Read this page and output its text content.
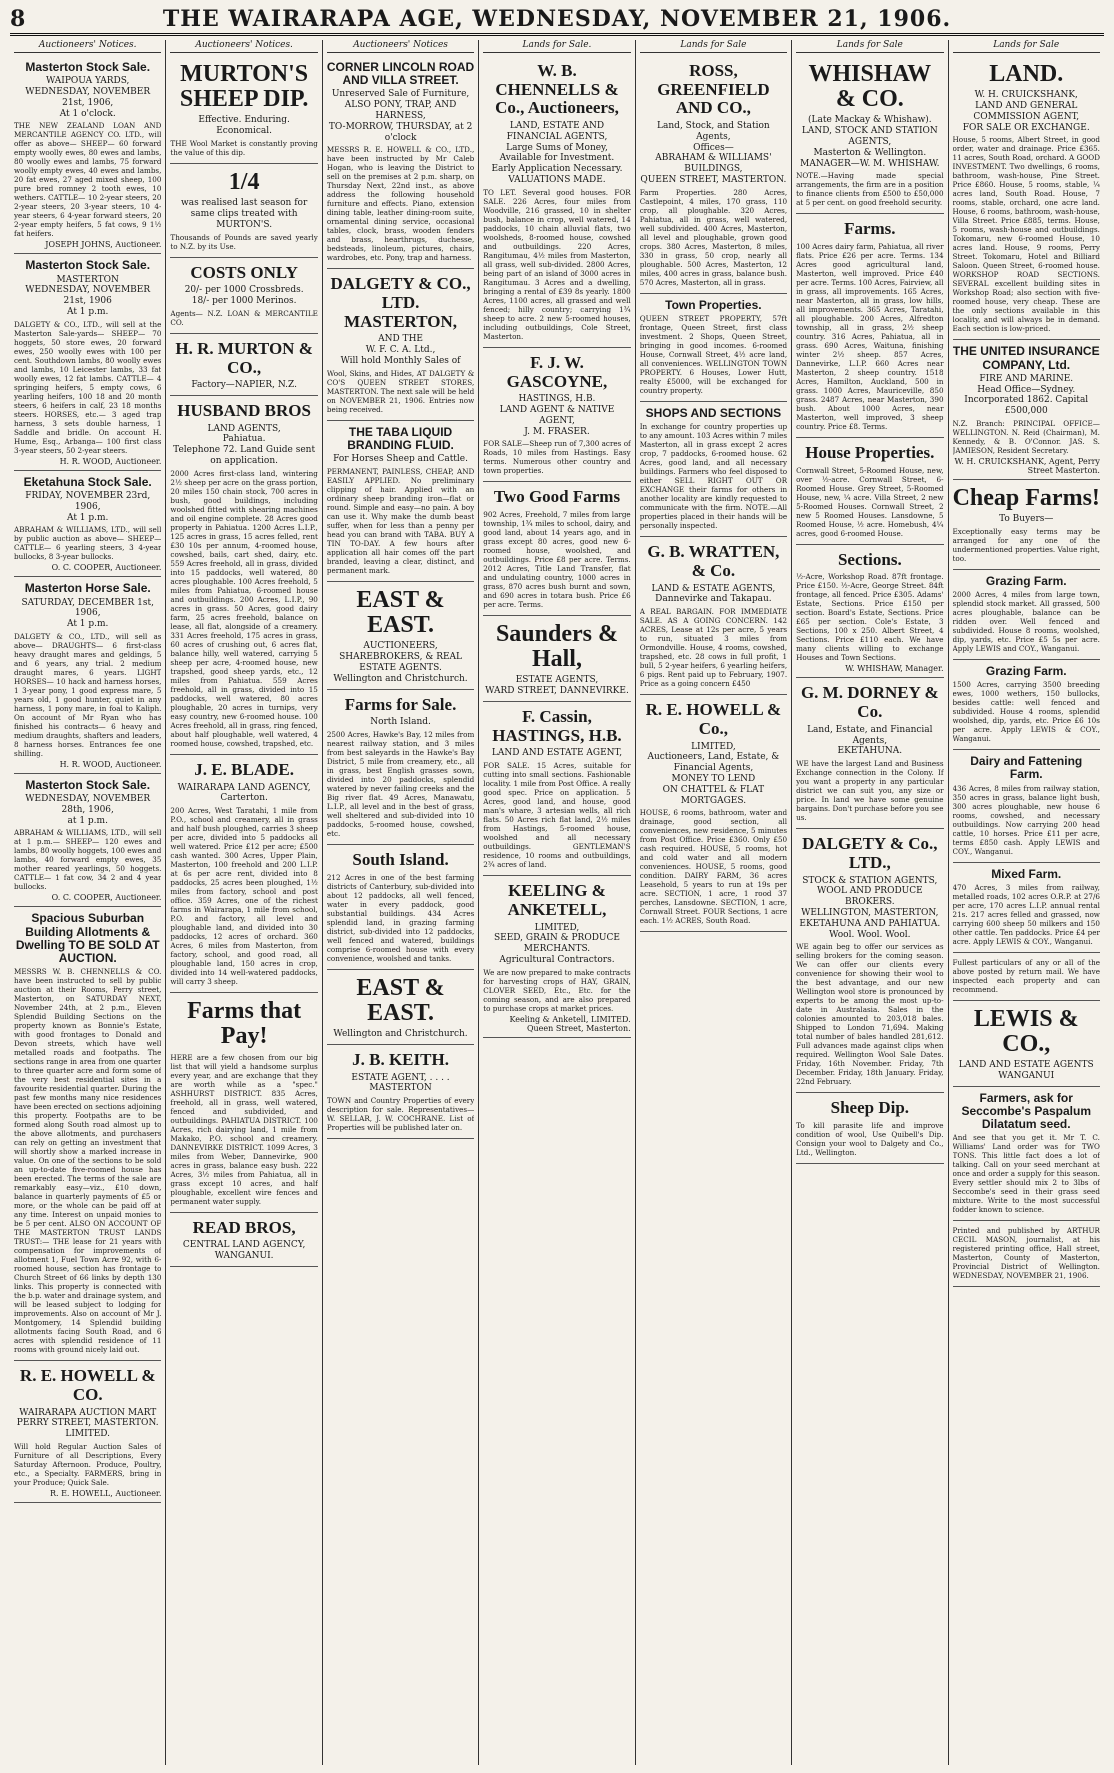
8	THE WAIRARAPA AGE, WEDNESDAY, NOVEMBER 21, 1906.
Auctioneers' Notices.
Masterton Stock Sale.
WAIPOUA YARDS,
WEDNESDAY, NOVEMBER 21st, 1906,
At 1 o'clock.

THE NEW ZEALAND LOAN AND MERCANTILE AGENCY CO. LTD., will offer as above— SHEEP— 60 forward empty woolly ewes, 80 ewes and lambs, 80 woolly ewes and lambs, 75 forward woolly empty ewes, 40 ewes and lambs, 20 fat ewes, 27 aged mixed sheep, 100 pure bred romney 2 tooth ewes, 10 wethers. CATTLE— 10 2-year steers, 20 2-year steers, 20 3-year steers, 10 4-year steers, 6 4-year forward steers, 20 2-year empty heifers, 5 fat cows, 9 1½ fat heifers.

JOSEPH JOHNS, Auctioneer.
Masterton Stock Sale.
MASTERTON
WEDNESDAY, NOVEMBER 21st, 1906
At 1 p.m.

DALGETY & CO., LTD., will sell at the Masterton Sale-yards— SHEEP— 70 hoggets, 50 store ewes, 20 forward ewes, 250 woolly ewes with 100 per cent. Southdown lambs, 80 woolly ewes and lambs, 10 Leicester lambs, 33 fat woolly ewes, 12 fat lambs. CATTLE— 4 springing heifers, 5 empty cows, 6 yearling heifers, 100 18 and 20 month steers, 6 heifers in calf, 23 18 months steers. HORSES, etc.— 3 aged trap harness, 3 sets double harness, 1 Saddle and bridle. On account H. Hume, Esq., Arbanga— 100 first class 3-year steers, 50 2-year steers.

H. R. WOOD, Auctioneer.
Eketahuna Stock Sale.
FRIDAY, NOVEMBER 23rd, 1906,
At 1 p.m.

ABRAHAM & WILLIAMS, LTD., will sell by public auction as above— SHEEP— CATTLE— 6 yearling steers, 3 4-year bullocks, 8 3-year bullocks.

O. C. COOPER, Auctioneer.
Masterton Horse Sale.
SATURDAY, DECEMBER 1st, 1906,
At 1 p.m.

DALGETY & CO., LTD., will sell as above— DRAUGHTS— 6 first-class heavy draught mares and geldings, 5 and 6 years, any trial. 2 medium draught mares, 6 years. LIGHT HORSES— 10 hack and harness horses, 1 3-year pony, 1 good express mare, 5 years old, 1 good hunter, quiet in any harness, 1 pony mare, in foal to Kaliph. On account of Mr Ryan who has finished his contracts— 6 heavy and medium draughts, shafters and leaders, 8 harness horses. Entrances fee one shilling.

H. R. WOOD, Auctioneer.
Masterton Stock Sale.
WEDNESDAY, NOVEMBER 28th, 1906,
at 1 p.m.

ABRAHAM & WILLIAMS, LTD., will sell at 1 p.m.— SHEEP— 120 ewes and lambs, 80 woolly hoggets, 100 ewes and lambs, 40 forward empty ewes, 35 mother reared yearlings, 50 hoggets. CATTLE— 1 fat cow, 34 2 and 4 year bullocks.

O. C. COOPER, Auctioneer.
Spacious Suburban Building Allotments & Dwelling TO BE SOLD AT AUCTION.

MESSRS W. B. CHENNELLS & CO. have been instructed to sell by public auction at their Rooms, Perry street, Masterton, on SATURDAY NEXT, November 24th, at 2 p.m., Eleven Splendid Building Sections on the property known as Bonnie's Estate, with good frontages to Donald and Devon streets, which have well metalled roads and footpaths. The sections range in area from one quarter to three quarter acre and form some of the very best residential sites in a favourite residential quarter. During the past few months many nice residences have been erected on sections adjoining this property. Footpaths are to be formed along South road almost up to the above allotments, and purchasers can rely on getting an investment that will shortly show a marked increase in value. On one of the sections to be sold an up-to-date five-roomed house has been erected. The terms of the sale are remarkably easy—viz., £10 down, balance in quarterly payments of £5 or more, or the whole can be paid off at any time. Interest on unpaid monies to be 5 per cent. ALSO ON ACCOUNT OF THE MASTERTON TRUST LANDS TRUST:— THE lease for 21 years with compensation for improvements of allotment 1, Fuel Town Acre 92, with 6-roomed house, section has frontage to Church Street of 66 links by depth 130 links. This property is connected with the b.p. water and drainage system, and will be leased subject to lodging for improvements. Also on account of Mr J. Montgomery, 14 Splendid building allotments facing South Road, and 6 acres with splendid residence of 11 rooms with ground nicely laid out.

R. E. HOWELL & CO.
WAIRARAPA AUCTION MART
PERRY STREET, MASTERTON.
LIMITED.

Will hold Regular Auction Sales of Furniture of all Descriptions, Every Saturday Afternoon. Produce, Poultry, etc., a Specialty. FARMERS, bring in your Produce; Quick Sale.

R. E. HOWELL, Auctioneer.
Auctioneers' Notices.
MURTON'S SHEEP DIP.
Effective. Enduring. Economical.

THE Wool Market is constantly proving the value of this dip.

1/4
was realised last season for same clips treated with MURTON'S.

Thousands of Pounds are saved yearly to N.Z. by its Use.

COSTS ONLY
20/- per 1000 Crossbreds.
18/- per 1000 Merinos.

Agents— N.Z. LOAN & MERCANTILE CO.

H. R. MURTON & CO.,
Factory—NAPIER, N.Z.
HUSBAND BROS
LAND AGENTS,
Pahiatua.
Telephone 72. Land Guide sent on application.

2000 Acres first-class land, wintering 2½ sheep per acre on the grass portion, 20 miles 150 chain stock, 700 acres in bush, good buildings, including woolshed fitted with shearing machines and oil engine complete. 28 Acres good property in Pahiatua. 1200 Acres L.I.P., 125 acres in grass, 15 acres felled, rent £30 10s per annum, 4-roomed house, cowshed, bails, cart shed, dairy, etc. 559 Acres freehold, all in grass, divided into 15 paddocks, well watered, 80 acres ploughable. 100 Acres freehold, 5 miles from Pahiatua, 6-roomed house and outbuildings. 200 Acres, L.I.P., 90 acres in grass. 50 Acres, good dairy farm, 25 acres freehold, balance on lease, all flat, alongside of a creamery. 331 Acres freehold, 175 acres in grass, 60 acres of crushing out, 6 acres flat, balance hilly, well watered, carrying 5 sheep per acre, 4-roomed house, new trapshed, good sheep yards, etc., 12 miles from Pahiatua. 559 Acres freehold, all in grass, divided into 15 paddocks, well watered, 80 acres ploughable, 20 acres in turnips, very easy country, new 6-roomed house. 100 Acres freehold, all in grass, ring fenced, about half ploughable, well watered, 4 roomed house, cowshed, trapshed, etc.

J. E. BLADE.
WAIRARAPA LAND AGENCY,
Carterton.

200 Acres, West Taratahi, 1 mile from P.O., school and creamery, all in grass and half bush ploughed, carries 3 sheep per acre, divided into 5 paddocks all well watered. Price £12 per acre; £500 cash wanted. 300 Acres, Upper Plain, Masterton, 100 freehold and 200 L.I.P. at 6s per acre rent, divided into 8 paddocks, 25 acres been ploughed, 1½ miles from factory, school and post office. 359 Acres, one of the richest farms in Wairarapa, 1 mile from school, P.O. and factory, all level and ploughable land, and divided into 30 paddocks, 12 acres of orchard. 360 Acres, 6 miles from Masterton, from factory, school, and good road, all ploughable land, 150 acres in crop, divided into 14 well-watered paddocks, will carry 3 sheep.

Farms that Pay!

HERE are a few chosen from our big list that will yield a handsome surplus every year, and are exchange that they are worth while as a "spec." ASHHURST DISTRICT. 835 Acres, freehold, all in grass, well watered, fenced and subdivided, and outbuildings. PAHIATUA DISTRICT. 100 Acres, rich dairying land, 1 mile from Makako, P.O. school and creamery. DANNEVIRKE DISTRICT. 1099 Acres, 3 miles from Weber, Dannevirke, 900 acres in grass, balance easy bush. 222 Acres, 3½ miles from Pahiatua, all in grass except 10 acres, and half ploughable, excellent wire fences and permanent water supply.

READ BROS,
CENTRAL LAND AGENCY,
WANGANUI.
Auctioneers' Notices
CORNER LINCOLN ROAD AND VILLA STREET.
Unreserved Sale of Furniture,
ALSO PONY, TRAP, AND HARNESS,
TO-MORROW, THURSDAY, at 2 o'clock

MESSRS R. E. HOWELL & CO., LTD., have been instructed by Mr Caleb Hogan, who is leaving the District to sell on the premises at 2 p.m. sharp, on Thursday Next, 22nd inst., as above address the following household furniture and effects. Piano, extension dining table, leather dining-room suite, ornamental dining service, occasional tables, clock, brass, wooden fenders and brass, hearthrugs, duchesse, bedsteads, linoleum, pictures, chairs, wardrobes, etc. Pony, trap and harness.

DALGETY & CO., LTD. MASTERTON,
AND THE
W. F. C. A. Ltd.,
Will hold Monthly Sales of

Wool, Skins, and Hides, AT DALGETY & CO'S QUEEN STREET STORES, MASTERTON. The next sale will be held on NOVEMBER 21, 1906. Entries now being received.

THE TABA LIQUID BRANDING FLUID.
For Horses Sheep and Cattle.

PERMANENT, PAINLESS, CHEAP, AND EASILY APPLIED. No preliminary clipping of hair. Applied with an ordinary sheep branding iron—flat or round. Simple and easy—no pain. A boy can use it. Why make the dumb beast suffer, when for less than a penny per head you can brand with TABA. BUY A TIN TO-DAY. A few hours after application all hair comes off the part branded, leaving a clear, distinct, and permanent mark.

EAST & EAST.
AUCTIONEERS, SHAREBROKERS, & REAL ESTATE AGENTS.
Wellington and Christchurch.
Farms for Sale.
North Island.

2500 Acres, Hawke's Bay, 12 miles from nearest railway station, and 3 miles from best saleyards in the Hawke's Bay District, 5 mile from creamery, etc., all in grass, best English grasses sown, divided into 20 paddocks, splendid watered by never failing creeks and the Big river flat. 49 Acres, Manawatu, L.I.P., all level and in the best of grass, well sheltered and sub-divided into 10 paddocks, 5-roomed house, cowshed, etc.

South Island.

212 Acres in one of the best farming districts of Canterbury, sub-divided into about 12 paddocks, all well fenced, water in every paddock, good substantial buildings. 434 Acres splendid land, in grazing farming district, sub-divided into 12 paddocks, well fenced and watered, buildings comprise 6-roomed house with every convenience, woolshed and tanks.

EAST & EAST.
Wellington and Christchurch.
J. B. KEITH.
ESTATE AGENT, . . . . MASTERTON

TOWN and Country Properties of every description for sale. Representatives— W. SELLAR, J. W. COCHRANE. List of Properties will be published later on.

Lands for Sale.
W. B. CHENNELLS & Co., Auctioneers,
LAND, ESTATE AND FINANCIAL AGENTS,
Large Sums of Money,
Available for Investment.
Early Application Necessary.
VALUATIONS MADE.

TO LET. Several good houses. FOR SALE. 226 Acres, four miles from Woodville, 216 grassed, 10 in shelter bush, balance in crop, well watered, 14 paddocks, 10 chain alluvial flats, two woolsheds, 8-roomed house, cowshed and outbuildings. 220 Acres, Rangitumau, 4½ miles from Masterton, all grass, well sub-divided. 2800 Acres, being part of an island of 3000 acres in Rangitumau. 3 Acres and a dwelling, bringing a rental of £39 8s yearly. 1800 Acres, 1100 acres, all grassed and well fenced; hilly country; carrying 1¾ sheep to acre. 2 new 5-roomed houses, including outbuildings, Cole Street, Masterton.

F. J. W. GASCOYNE,
HASTINGS, H.B.
LAND AGENT & NATIVE AGENT,
J. M. FRASER.

FOR SALE—Sheep run of 7,300 acres of Roads, 10 miles from Hastings. Easy terms. Numerous other country and town properties.

Two Good Farms

902 Acres, Freehold, 7 miles from large township, 1¾ miles to school, dairy, and good land, about 14 years ago, and in grass except 80 acres, good new 6-roomed house, woolshed, and outbuildings. Price £8 per acre. Terms. 2012 Acres, Title Land Transfer, flat and undulating country, 1000 acres in grass, 870 acres bush burnt and sown, and 690 acres in totara bush. Price £6 per acre. Terms.

Saunders & Hall,
ESTATE AGENTS,
WARD STREET, DANNEVIRKE.
F. Cassin, HASTINGS, H.B.
LAND AND ESTATE AGENT,

FOR SALE. 15 Acres, suitable for cutting into small sections. Fashionable locality. 1 mile from Post Office. A really good spec. Price on application. 5 Acres, good land, and house, good man's whare, 3 artesian wells, all rich flats. 50 Acres rich flat land, 2½ miles from Hastings, 5-roomed house, woolshed and all necessary outbuildings. GENTLEMAN'S residence, 10 rooms and outbuildings, 2¾ acres of land.

KEELING & ANKETELL,
LIMITED,
SEED, GRAIN & PRODUCE MERCHANTS.
Agricultural Contractors.

We are now prepared to make contracts for harvesting crops of HAY, GRAIN, CLOVER SEED, Etc., Etc. for the coming season, and are also prepared to purchase crops at market prices.

Keeling & Anketell, LIMITED. Queen Street, Masterton.
Lands for Sale
ROSS, GREENFIELD AND CO.,
Land, Stock, and Station Agents,
Offices—
ABRAHAM & WILLIAMS' BUILDINGS,
QUEEN STREET, MASTERTON.

Farm Properties. 280 Acres, Castlepoint, 4 miles, 170 grass, 110 crop, all ploughable. 320 Acres, Pahiatua, all in grass, well watered, well subdivided. 400 Acres, Masterton, all level and ploughable, grown good crops. 380 Acres, Masterton, 8 miles, 330 in grass, 50 crop, nearly all ploughable. 500 Acres, Masterton, 12 miles, 400 acres in grass, balance bush. 570 Acres, Masterton, all in grass.

Town Properties.

QUEEN STREET PROPERTY, 57ft frontage, Queen Street, first class investment. 2 Shops, Queen Street, bringing in good incomes. 6-roomed House, Cornwall Street, 4½ acre land, all conveniences. WELLINGTON TOWN PROPERTY. 6 Houses, Lower Hutt, realty £5000, will be exchanged for country property.

SHOPS AND SECTIONS

In exchange for country properties up to any amount. 103 Acres within 7 miles Masterton, all in grass except 2 acres crop, 7 paddocks, 6-roomed house. 62 Acres, good land, and all necessary buildings. Farmers who feel disposed to either SELL RIGHT OUT OR EXCHANGE their farms for others in another locality are kindly requested to communicate with the firm. NOTE.—All properties placed in their hands will be personally inspected.

G. B. WRATTEN, & Co.
LAND & ESTATE AGENTS,
Dannevirke and Takapau.

A REAL BARGAIN. FOR IMMEDIATE SALE. AS A GOING CONCERN. 142 ACRES, Lease at 12s per acre, 5 years to run, situated 3 miles from Ormondville. House, 4 rooms, cowshed, trapshed, etc. 28 cows in full profit, 1 bull, 5 2-year heifers, 6 yearling heifers, 6 pigs. Rent paid up to February, 1907. Price as a going concern £450

R. E. HOWELL & Co.,
LIMITED,
Auctioneers, Land, Estate, & Financial Agents,
MONEY TO LEND
ON CHATTEL & FLAT MORTGAGES.

HOUSE, 6 rooms, bathroom, water and drainage, good section, all conveniences, new residence, 5 minutes from Post Office. Price £360. Only £50 cash required. HOUSE, 5 rooms, hot and cold water and all modern conveniences. HOUSE, 5 rooms, good condition. DAIRY FARM, 36 acres Leasehold, 5 years to run at 19s per acre. SECTION, 1 acre, 1 rood 37 perches, Lansdowne. SECTION, 1 acre, Cornwall Street. FOUR Sections, 1 acre each. 1½ ACRES, South Road.

Lands for Sale
WHISHAW & CO.
(Late Mackay & Whishaw).
LAND, STOCK AND STATION AGENTS,
Masterton & Wellington.
MANAGER—W. M. WHISHAW.

NOTE.—Having made special arrangements, the firm are in a position to finance clients from £500 to £50,000 at 5 per cent. on good freehold security.

Farms.

100 Acres dairy farm, Pahiatua, all river flats. Price £26 per acre. Terms. 134 Acres good agricultural land, Masterton, well improved. Price £40 per acre. Terms. 100 Acres, Fairview, all in grass, all improvements. 165 Acres, near Masterton, all in grass, low hills, all improvements. 365 Acres, Taratahi, all ploughable. 200 Acres, Alfredton township, all in grass, 2½ sheep country. 316 Acres, Pahiatua, all in grass. 690 Acres, Waituna, finishing winter 2½ sheep. 857 Acres, Dannevirke, L.I.P. 660 Acres near Masterton, 2 sheep country. 1518 Acres, Hamilton, Auckland, 500 in grass. 1000 Acres, Mauriceville, 850 grass. 2487 Acres, near Masterton, 390 bush. About 1000 Acres, near Masterton, well improved, 3 sheep country. Price £8. Terms.

House Properties.

Cornwall Street, 5-Roomed House, new, over ½-acre. Cornwall Street, 6-Roomed House. Grey Street, 5-Roomed House, new, ¼ acre. Villa Street, 2 new 5-Roomed Houses. Cornwall Street, 2 new 5 Roomed Houses. Lansdowne, 5 Roomed House, ½ acre. Homebush, 4¼ acres, good 6-roomed House.

Sections.

½-Acre, Workshop Road. 87ft frontage. Price £150. ½-Acre, George Street. 84ft frontage, all fenced. Price £305. Adams' Estate, Sections. Price £150 per section. Board's Estate, Sections. Price £65 per section. Cole's Estate, 3 Sections, 100 x 250. Albert Street, 4 Sections. Price £110 each. We have many clients willing to exchange Houses and Town Sections.

W. WHISHAW, Manager.
G. M. DORNEY & Co.
Land, Estate, and Financial Agents,
EKETAHUNA.

WE have the largest Land and Business Exchange connection in the Colony. If you want a property in any particular district we can suit you, any size or price. In land we have some genuine bargains. Don't purchase before you see us.

DALGETY & Co., LTD.,
STOCK & STATION AGENTS, WOOL AND PRODUCE BROKERS.
WELLINGTON, MASTERTON, EKETAHUNA AND PAHIATUA.
Wool. Wool. Wool.

WE again beg to offer our services as selling brokers for the coming season. We can offer our clients every convenience for showing their wool to the best advantage, and our new Wellington wool store is pronounced by experts to be among the most up-to-date in Australasia. Sales in the colonies amounted to 203,018 bales. Shipped to London 71,694. Making total number of bales handled 281,612. Full advances made against clips when required. Wellington Wool Sale Dates. Friday, 16th November. Friday, 7th December. Friday, 18th January. Friday, 22nd February.

Sheep Dip.

To kill parasite life and improve condition of wool, Use Quibell's Dip. Consign your wool to Dalgety and Co., Ltd., Wellington.

Lands for Sale
LAND.
W. H. CRUICKSHANK,
LAND AND GENERAL COMMISSION AGENT,
FOR SALE OR EXCHANGE.

House, 5 rooms, Albert Street, in good order, water and drainage. Price £365. 11 acres, South Road, orchard. A GOOD INVESTMENT. Two dwellings, 6 rooms, bathroom, wash-house, Pine Street. Price £860. House, 5 rooms, stable, ¼ acres land, South Road. House, 7 rooms, stable, orchard, one acre land. House, 6 rooms, bathroom, wash-house, Villa Street. Price £885, terms. House, 5 rooms, wash-house and outbuildings. Tokomaru, new 6-roomed House, 10 acres land. House, 9 rooms, Perry Street. Tokomaru, Hotel and Billiard Saloon. Queen Street, 6-roomed house. WORKSHOP ROAD SECTIONS. SEVERAL excellent building sites in Workshop Road; also section with five-roomed house, very cheap. These are the only sections available in this locality, and will always be in demand. Each section is low-priced.

THE UNITED INSURANCE COMPANY, Ltd.
FIRE AND MARINE.
Head Office—Sydney.
Incorporated 1862. Capital £500,000

N.Z. Branch: PRINCIPAL OFFICE—WELLINGTON. N. Reid (Chairman), M. Kennedy, & B. O'Connor. JAS. S. JAMIESON, Resident Secretary.

W. H. CRUICKSHANK, Agent, Perry Street Masterton.
Cheap Farms!
To Buyers—

Exceptionally easy terms may be arranged for any one of the undermentioned properties. Value right, too.

Grazing Farm.

2000 Acres, 4 miles from large town, splendid stock market. All grassed, 500 acres ploughable, balance can be ridden over. Well fenced and subdivided. House 8 rooms, woolshed, dip, yards, etc. Price £5 5s per acre. Apply LEWIS and COY., Wanganui.

Grazing Farm.

1500 Acres, carrying 3500 breeding ewes, 1000 wethers, 150 bullocks, besides cattle: well fenced and subdivided. House 4 rooms, splendid woolshed, dip, yards, etc. Price £6 10s per acre. Apply LEWIS & COY., Wanganui.

Dairy and Fattening Farm.

436 Acres, 8 miles from railway station, 350 acres in grass, balance light bush, 300 acres ploughable, new house 6 rooms, cowshed, and necessary outbuildings. Now carrying 200 head cattle, 10 horses. Price £11 per acre, terms £850 cash. Apply LEWIS and COY., Wanganui.

Mixed Farm.

470 Acres, 3 miles from railway, metalled roads, 102 acres O.R.P. at 27/6 per acre, 170 acres L.I.P. annual rental 21s. 217 acres felled and grassed, now carrying 600 sheep 50 milkers and 150 other cattle. Ten paddocks. Price £4 per acre. Apply LEWIS & COY., Wanganui.

Fullest particulars of any or all of the above posted by return mail. We have inspected each property and can recommend.

LEWIS & CO.,
LAND AND ESTATE AGENTS
WANGANUI
Farmers, ask for Seccombe's Paspalum Dilatatum seed.

And see that you get it. Mr T. C. Williams' Land order was for TWO TONS. This little fact does a lot of talking. Call on your seed merchant at once and order a supply for this season. Every settler should mix 2 to 3lbs of Seccombe's seed in their grass seed mixture. Write to the most successful fodder known to science.

Printed and published by ARTHUR CECIL MASON, journalist, at his registered printing office, Hall street, Masterton, County of Masterton, Provincial District of Wellington. WEDNESDAY, NOVEMBER 21, 1906.
